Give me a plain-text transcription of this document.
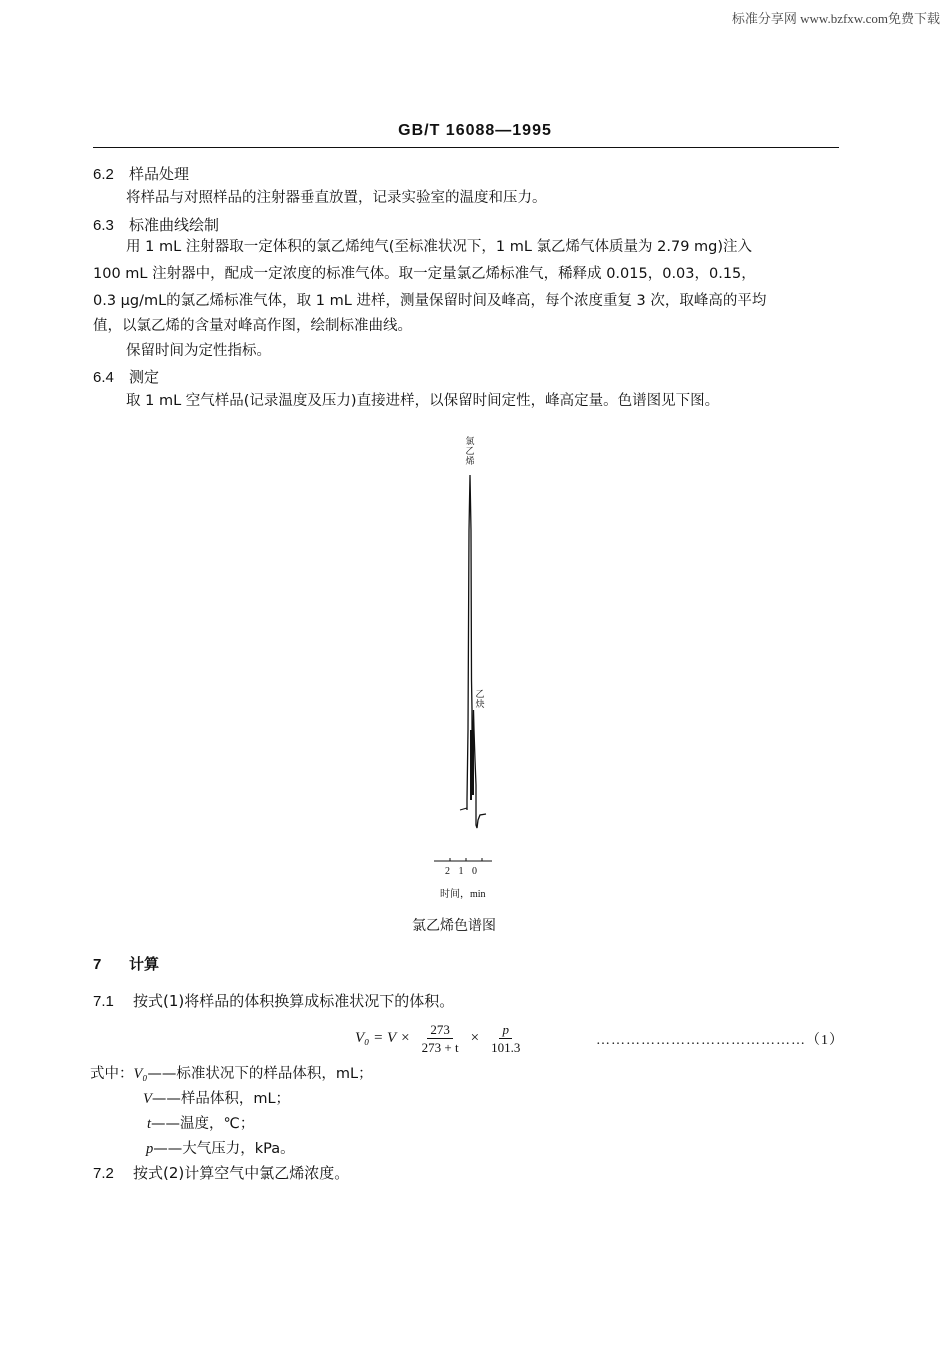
标准分享网 www.bzfxw.com免费下载
GB/T 16088—1995
6.2 样品处理
将样品与对照样品的注射器垂直放置，记录实验室的温度和压力。
6.3 标准曲线绘制
用 1 mL 注射器取一定体积的氯乙烯纯气(至标准状况下，1 mL 氯乙烯气体质量为 2.79 mg)注入
100 mL 注射器中，配成一定浓度的标准气体。取一定量氯乙烯标准气，稀释成 0.015，0.03，0.15，
0.3 μg/mL的氯乙烯标准气体，取 1 mL 进样，测量保留时间及峰高，每个浓度重复 3 次，取峰高的平均
值，以氯乙烯的含量对峰高作图，绘制标准曲线。
保留时间为定性指标。
6.4 测定
取 1 mL 空气样品(记录温度及压力)直接进样，以保留时间定性，峰高定量。色谱图见下图。
氯乙烯
乙炔
2 1 0
时间，min
氯乙烯色谱图
7 计算
7.1 按式(1)将样品的体积换算成标准状况下的体积。
$V_0 = V \times \frac{273}{273 + t} \times \frac{p}{101.3}$	……………………………………（1）
式中：V₀——标准状况下的样品体积，mL；
V——样品体积，mL；
t——温度，℃；
p——大气压力，kPa。
7.2 按式(2)计算空气中氯乙烯浓度。
